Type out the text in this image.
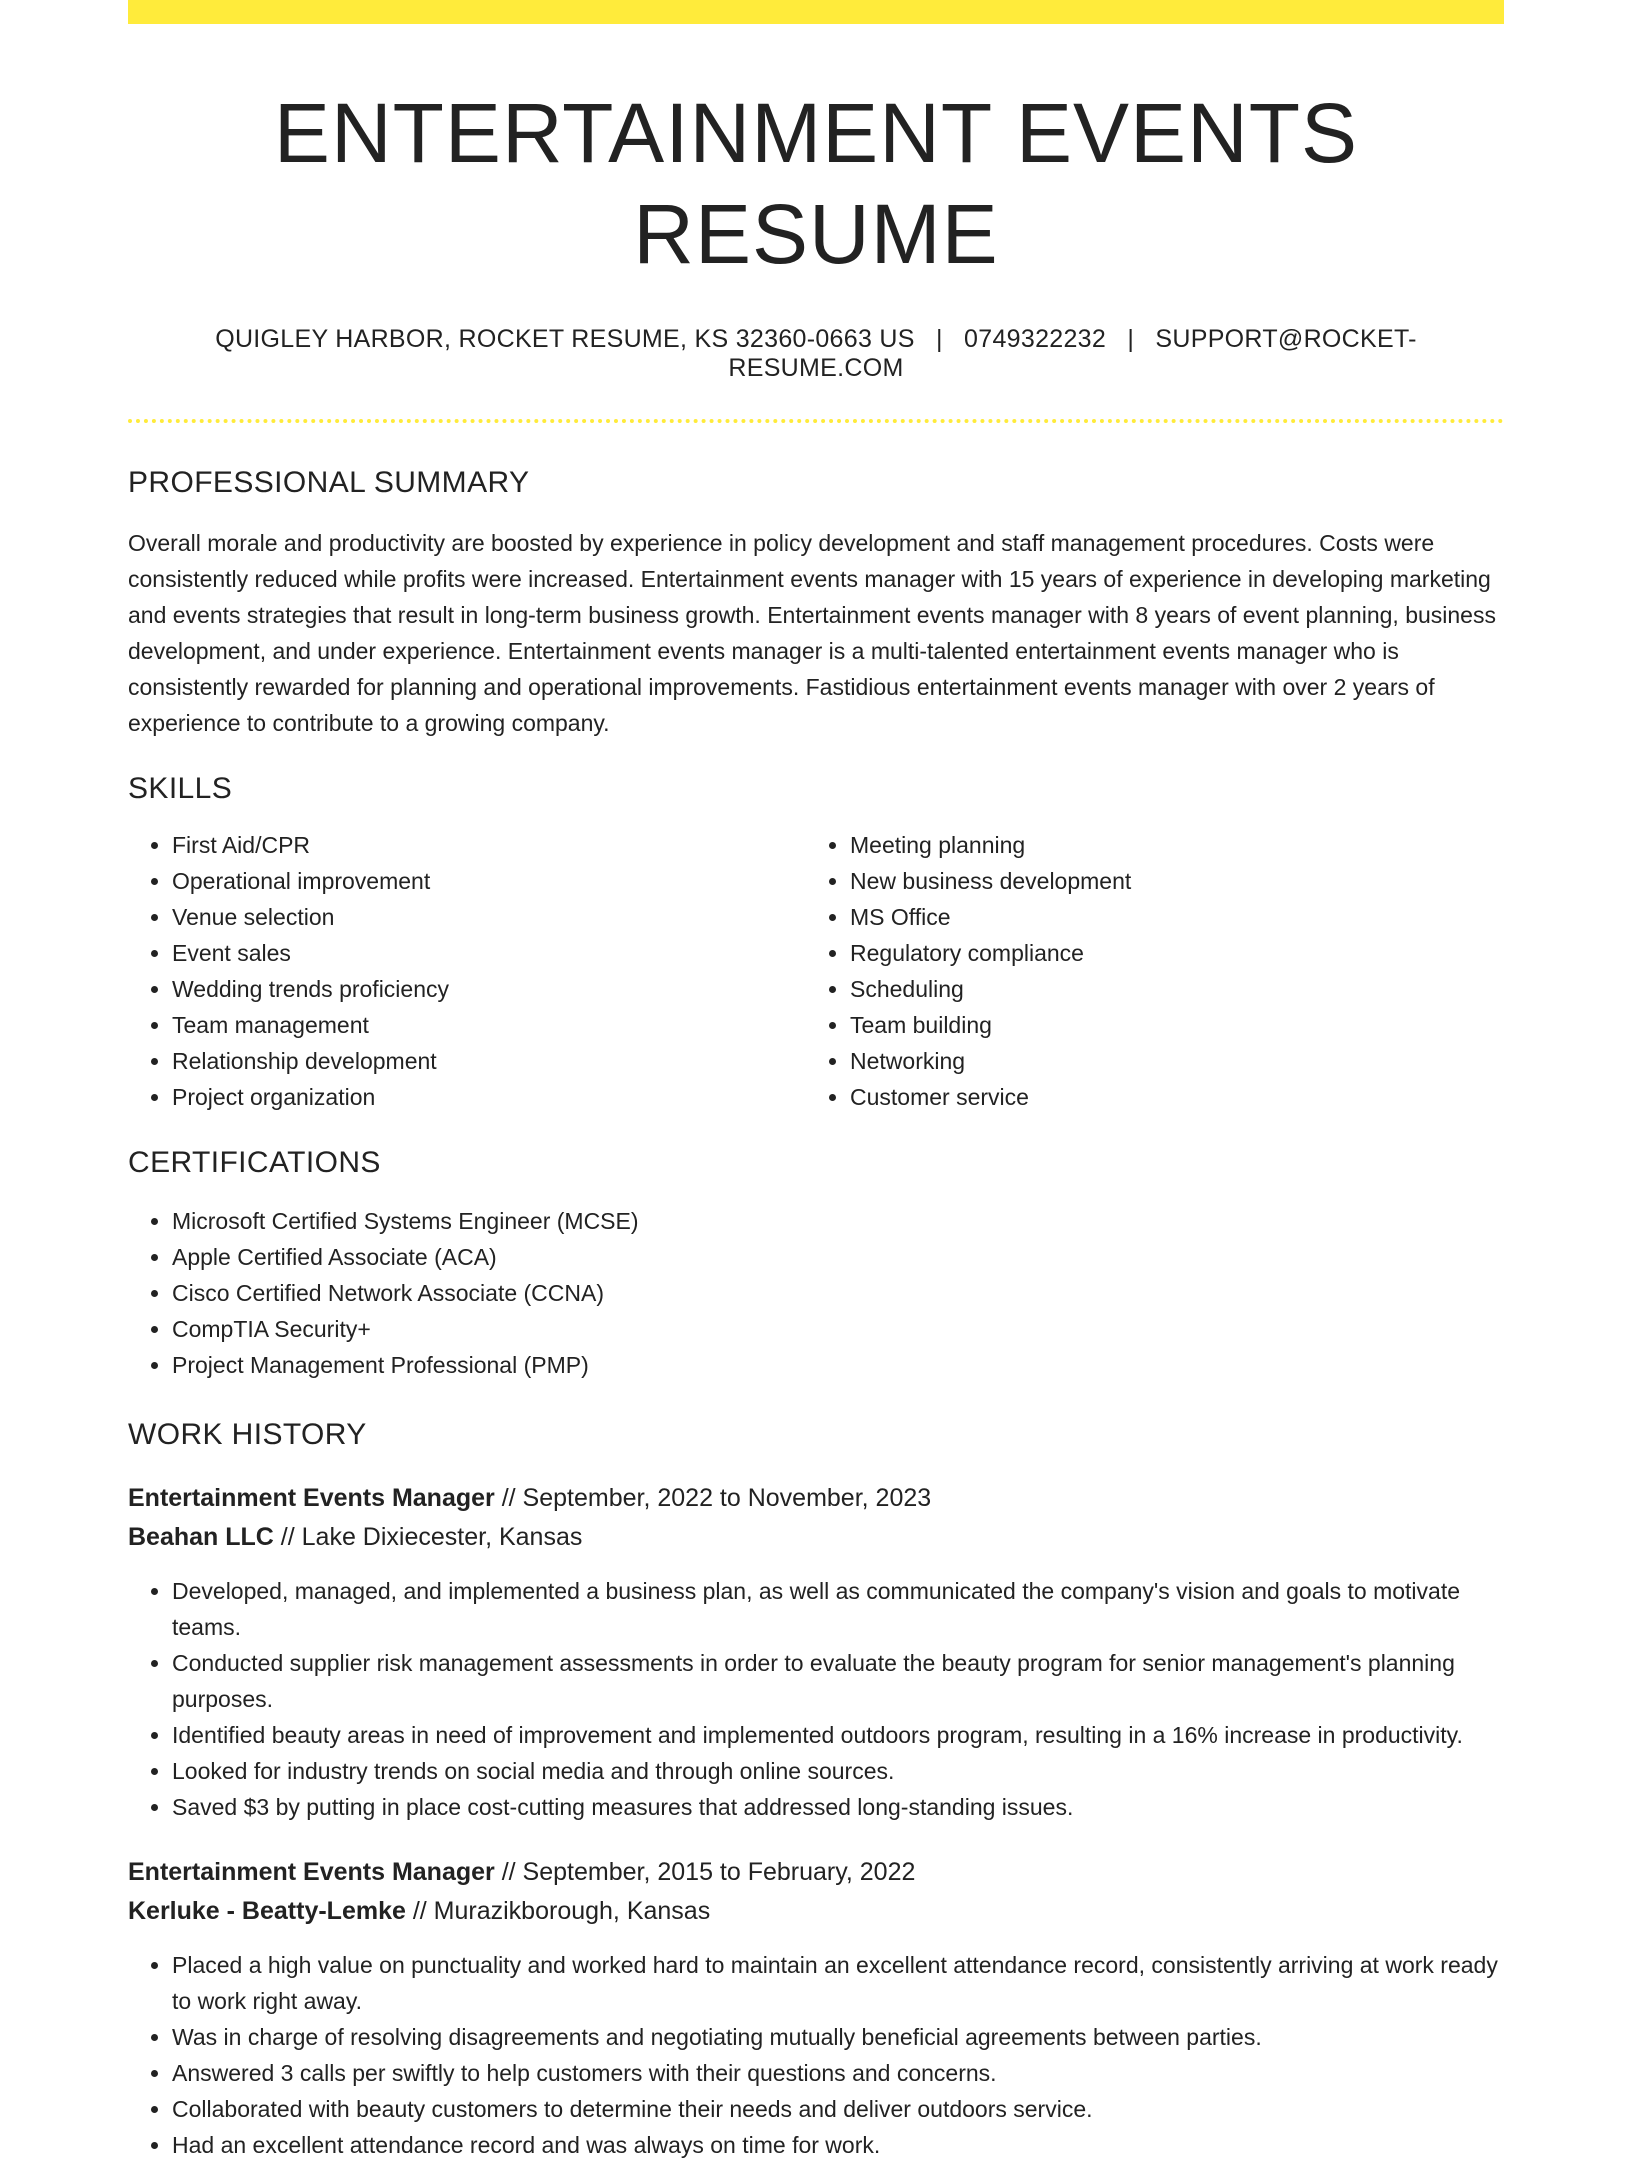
ENTERTAINMENT EVENTS RESUME
QUIGLEY HARBOR, ROCKET RESUME, KS 32360-0663 US | 0749322232 | SUPPORT@ROCKET-RESUME.COM
PROFESSIONAL SUMMARY

Overall morale and productivity are boosted by experience in policy development and staff management procedures. Costs were consistently reduced while profits were increased. Entertainment events manager with 15 years of experience in developing marketing and events strategies that result in long-term business growth. Entertainment events manager with 8 years of event planning, business development, and under experience. Entertainment events manager is a multi-talented entertainment events manager who is consistently rewarded for planning and operational improvements. Fastidious entertainment events manager with over 2 years of experience to contribute to a growing company.

SKILLS
• First Aid/CPR
• Operational improvement
• Venue selection
• Event sales
• Wedding trends proficiency
• Team management
• Relationship development
• Project organization
• Meeting planning
• New business development
• MS Office
• Regulatory compliance
• Scheduling
• Team building
• Networking
• Customer service
CERTIFICATIONS
• Microsoft Certified Systems Engineer (MCSE)
• Apple Certified Associate (ACA)
• Cisco Certified Network Associate (CCNA)
• CompTIA Security+
• Project Management Professional (PMP)
WORK HISTORY
Entertainment Events Manager // September, 2022 to November, 2023
Beahan LLC // Lake Dixiecester, Kansas
• Developed, managed, and implemented a business plan, as well as communicated the company's vision and goals to motivate teams.
• Conducted supplier risk management assessments in order to evaluate the beauty program for senior management's planning purposes.
• Identified beauty areas in need of improvement and implemented outdoors program, resulting in a 16% increase in productivity.
• Looked for industry trends on social media and through online sources.
• Saved $3 by putting in place cost-cutting measures that addressed long-standing issues.
Entertainment Events Manager // September, 2015 to February, 2022
Kerluke - Beatty-Lemke // Murazikborough, Kansas
• Placed a high value on punctuality and worked hard to maintain an excellent attendance record, consistently arriving at work ready to work right away.
• Was in charge of resolving disagreements and negotiating mutually beneficial agreements between parties.
• Answered 3 calls per swiftly to help customers with their questions and concerns.
• Collaborated with beauty customers to determine their needs and deliver outdoors service.
• Had an excellent attendance record and was always on time for work.
